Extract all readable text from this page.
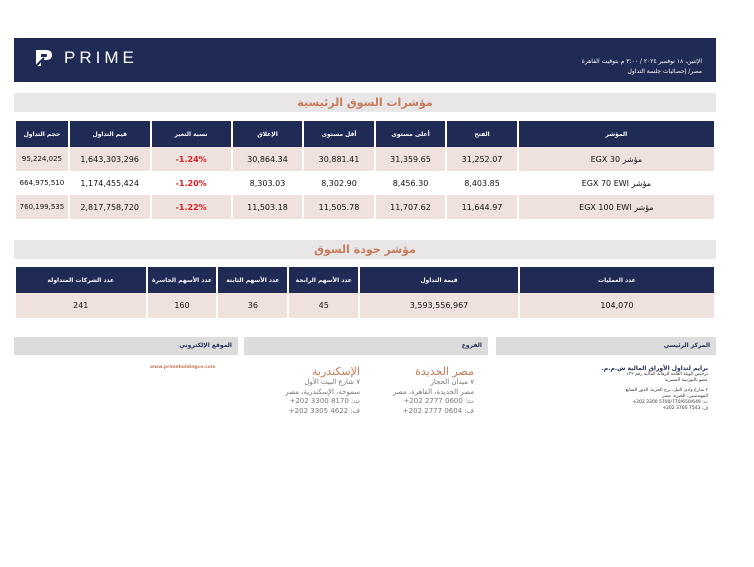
PRIME	الإثنين، ١٨ نوفمبر ٢٠٢٤ / ٣:٠٠ م بتوقيت القاهرة
مصر/ إحصائيات جلسة التداول
مؤشرات السوق الرئيسية
حجم التداول	قيم التداول	نسبة التغير	الإغلاق	أقل مستوى	أعلى مستوى	الفتح	المؤشر
95,224,025	1,643,303,296	-1.24%	30,864.34	30,881.41	31,359.65	31,252.07	مؤشر EGX 30
664,975,510	1,174,455,424	-1.20%	8,303.03	8,302.90	8,456.30	8,403.85	مؤشر EGX 70 EWI
760,199,535	2,817,758,720	-1.22%	11,503.18	11,505.78	11,707.62	11,644.97	مؤشر EGX 100 EWI
مؤشر جودة السوق
عدد الشركات المتداولة	عدد الأسهم الخاسرة	عدد الأسهم الثابتة	عدد الأسهم الرابحة	قيمة التداول	عدد العمليات
241	160	36	45	3,593,556,967	104,070
الموقع الإلكتروني	الفروع	المركز الرئيسي
www.primeholdingco.com	الإسكندرية
٧ شارع البيت الأول
سموحة، الإسكندرية، مصر
ت: 8170 3300 202+
ف: 4622 3305 202+
مصر الجديدة
٧ ميدان الحجاز
مصر الجديدة، القاهرة، مصر
ت: 0600 2777 202+
ف: 0604 2777 202+
برايم لتداول الأوراق المالية ش.م.م.
ترخيص الهيئة العامة للرقابة المالية رقم ١٣٢
عضو بالبورصة المصرية
٢ شارع وادي النيل، برج الحرية، الدور السابع
المهندسين، الجيزة، مصر
ت: 5700/770/650/649 3300 202+
ف: 7543 3760 202+
